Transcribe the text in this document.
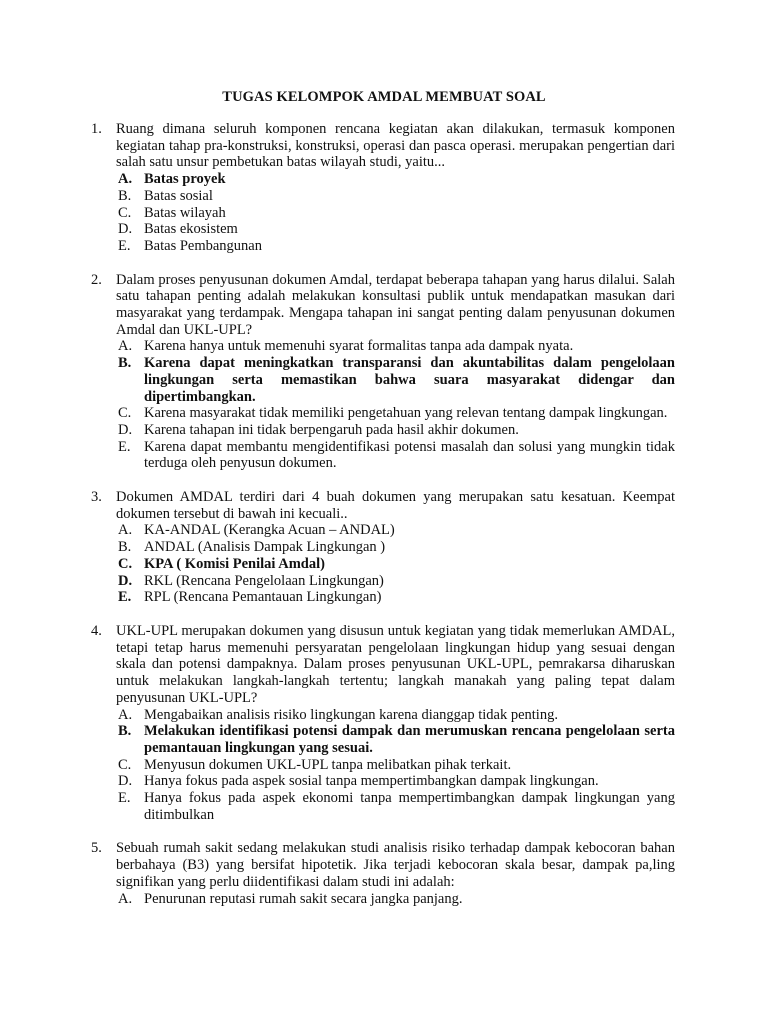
TUGAS KELOMPOK AMDAL MEMBUAT SOAL
1. Ruang dimana seluruh komponen rencana kegiatan akan dilakukan, termasuk komponen kegiatan tahap pra-konstruksi, konstruksi, operasi dan pasca operasi. merupakan pengertian dari salah satu unsur pembetukan batas wilayah studi, yaitu...

A. Batas proyek
B. Batas sosial
C. Batas wilayah
D. Batas ekosistem
E. Batas Pembangunan
2. Dalam proses penyusunan dokumen Amdal, terdapat beberapa tahapan yang harus dilalui. Salah satu tahapan penting adalah melakukan konsultasi publik untuk mendapatkan masukan dari masyarakat yang terdampak. Mengapa tahapan ini sangat penting dalam penyusunan dokumen Amdal dan UKL-UPL?

A. Karena hanya untuk memenuhi syarat formalitas tanpa ada dampak nyata.
B. Karena dapat meningkatkan transparansi dan akuntabilitas dalam pengelolaan lingkungan serta memastikan bahwa suara masyarakat didengar dan dipertimbangkan.
C. Karena masyarakat tidak memiliki pengetahuan yang relevan tentang dampak lingkungan.
D. Karena tahapan ini tidak berpengaruh pada hasil akhir dokumen.
E. Karena dapat membantu mengidentifikasi potensi masalah dan solusi yang mungkin tidak terduga oleh penyusun dokumen.
3. Dokumen AMDAL terdiri dari 4 buah dokumen yang merupakan satu kesatuan. Keempat dokumen tersebut di bawah ini kecuali..

A. KA-ANDAL (Kerangka Acuan – ANDAL)
B. ANDAL (Analisis Dampak Lingkungan )
C. KPA ( Komisi Penilai Amdal)
D. RKL (Rencana Pengelolaan Lingkungan)
E. RPL (Rencana Pemantauan Lingkungan)
4. UKL-UPL merupakan dokumen yang disusun untuk kegiatan yang tidak memerlukan AMDAL, tetapi tetap harus memenuhi persyaratan pengelolaan lingkungan hidup yang sesuai dengan skala dan potensi dampaknya. Dalam proses penyusunan UKL-UPL, pemrakarsa diharuskan untuk melakukan langkah-langkah tertentu; langkah manakah yang paling tepat dalam penyusunan UKL-UPL?

A. Mengabaikan analisis risiko lingkungan karena dianggap tidak penting.
B. Melakukan identifikasi potensi dampak dan merumuskan rencana pengelolaan serta pemantauan lingkungan yang sesuai.
C. Menyusun dokumen UKL-UPL tanpa melibatkan pihak terkait.
D. Hanya fokus pada aspek sosial tanpa mempertimbangkan dampak lingkungan.
E. Hanya fokus pada aspek ekonomi tanpa mempertimbangkan dampak lingkungan yang ditimbulkan
5. Sebuah rumah sakit sedang melakukan studi analisis risiko terhadap dampak kebocoran bahan berbahaya (B3) yang bersifat hipotetik. Jika terjadi kebocoran skala besar, dampak pa,ling signifikan yang perlu diidentifikasi dalam studi ini adalah:

A. Penurunan reputasi rumah sakit secara jangka panjang.
